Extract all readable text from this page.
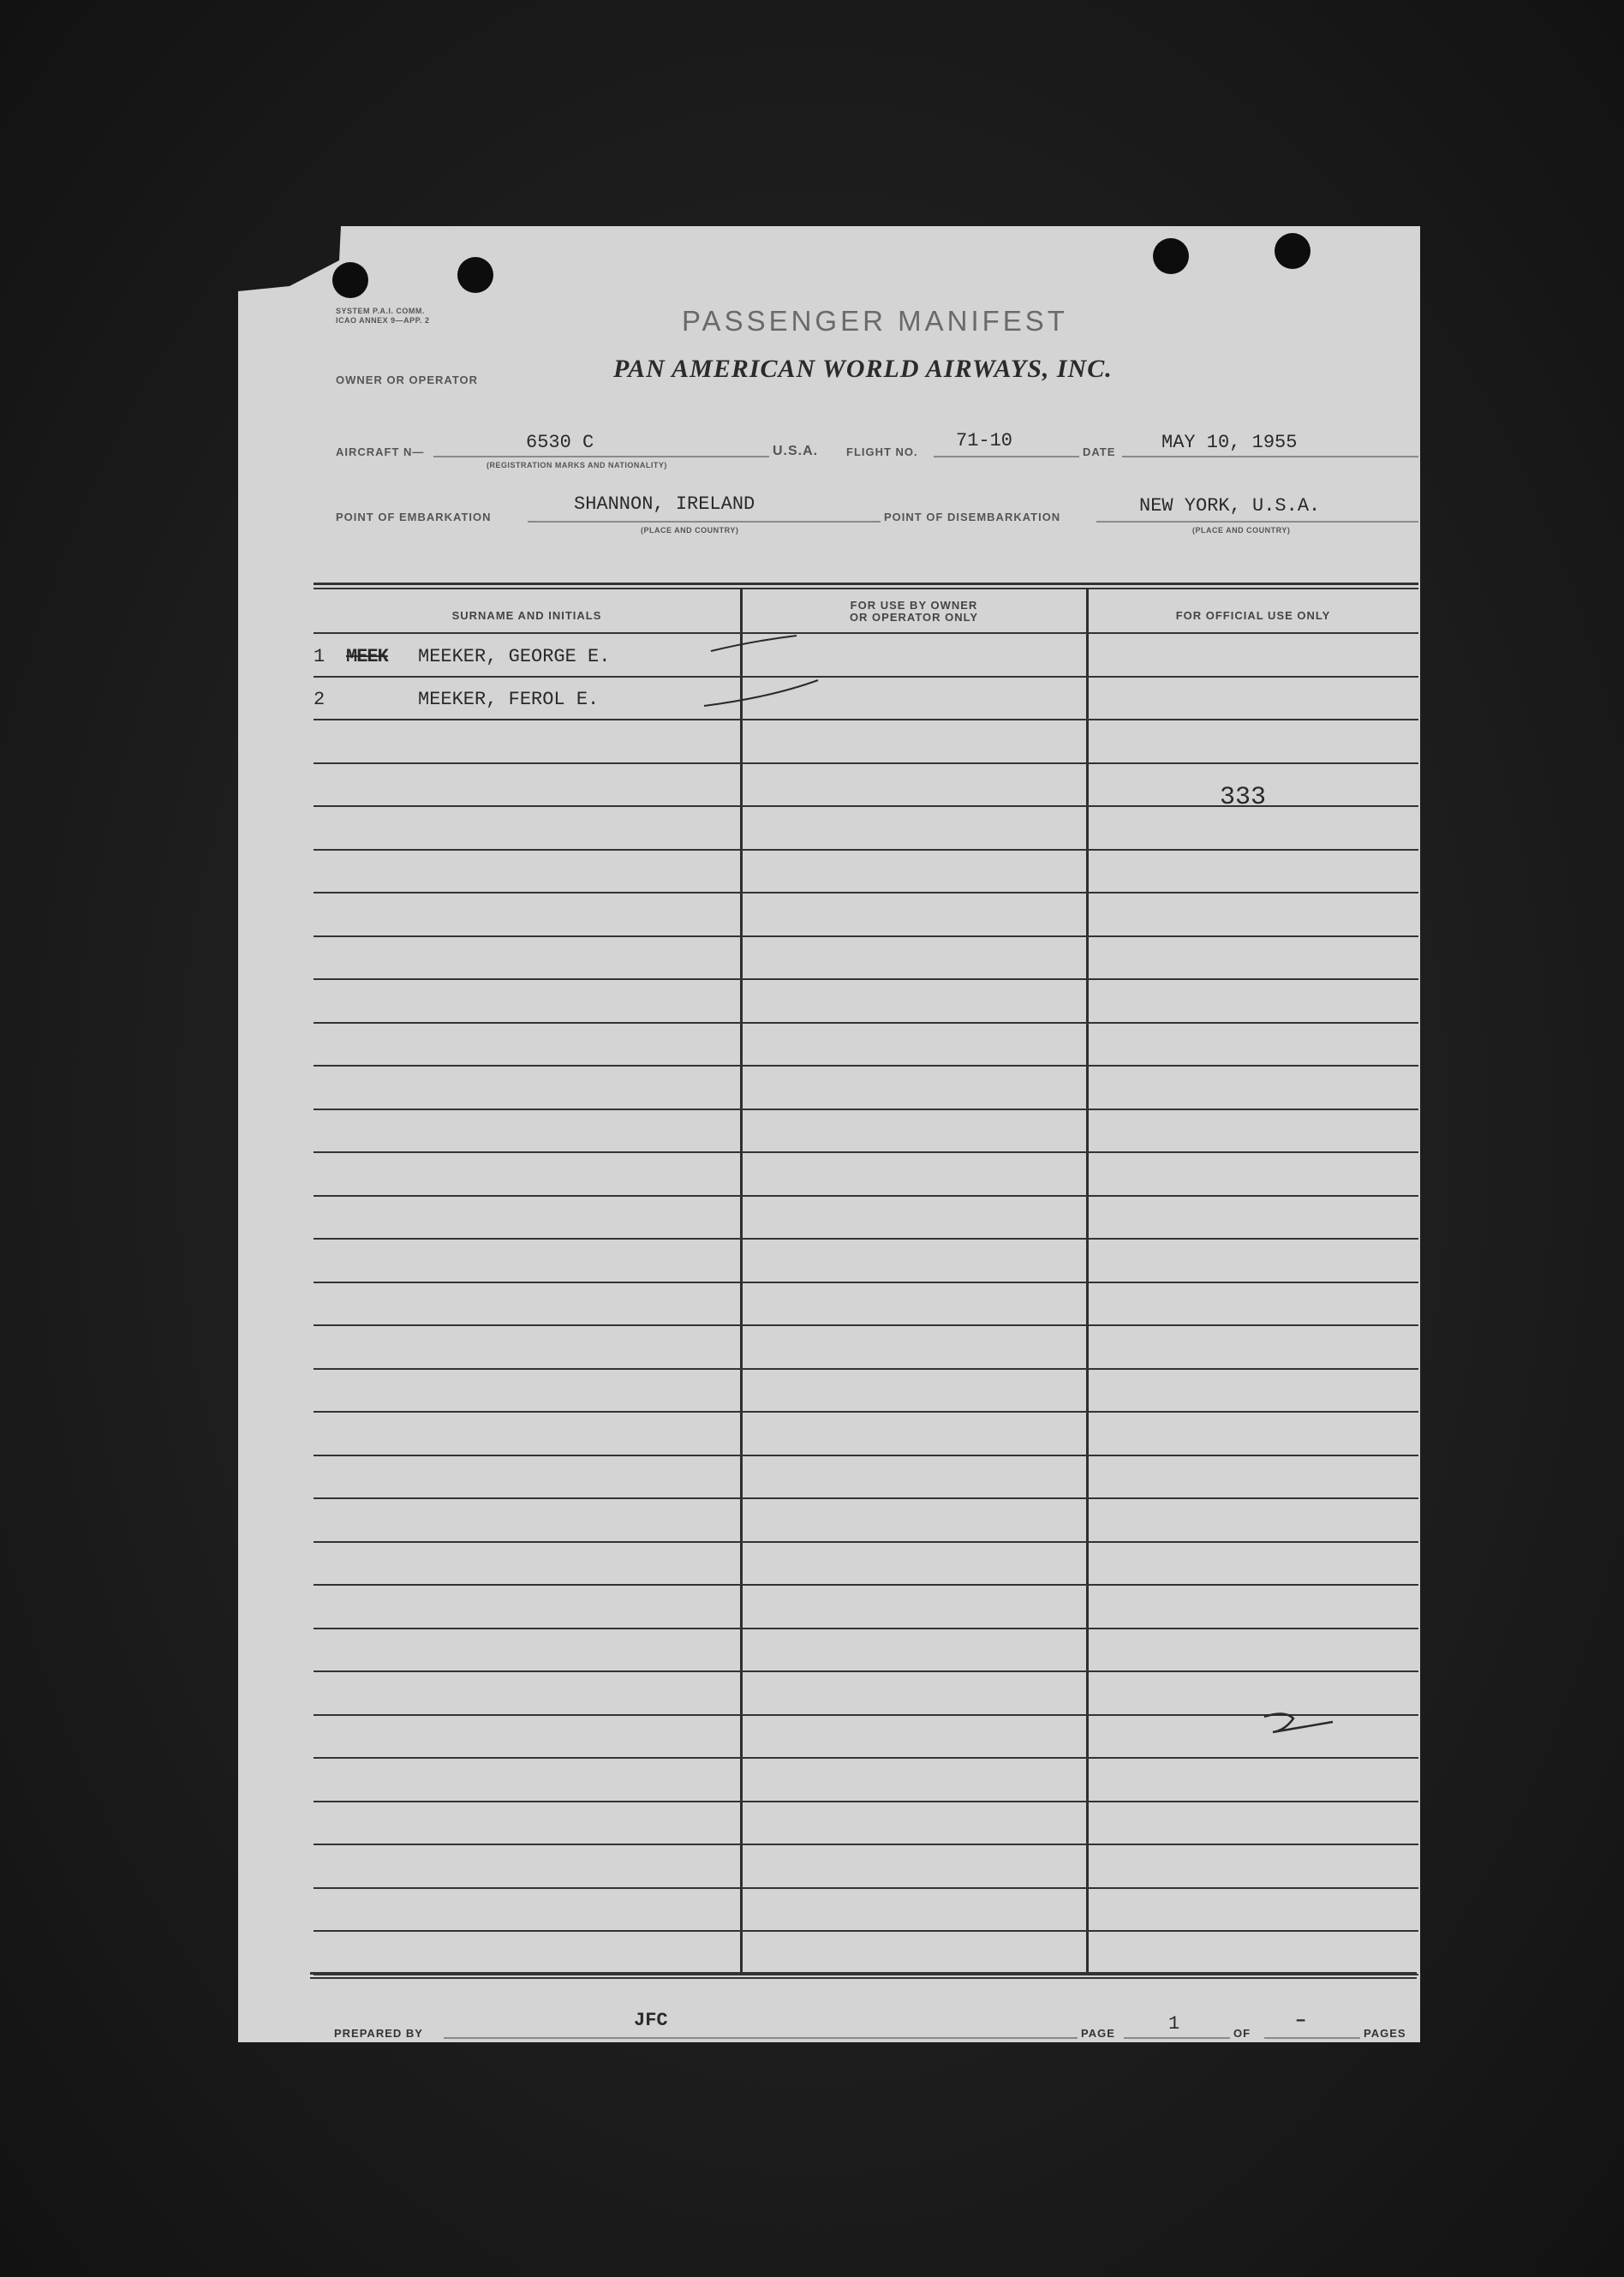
SYSTEM P.A.I. COMM.
ICAO ANNEX 9—APP. 2	PASSENGER MANIFEST
OWNER OR OPERATOR	PAN AMERICAN WORLD AIRWAYS, INC.
AIRCRAFT N—	6530 C
(REGISTRATION MARKS AND NATIONALITY)
U.S.A.	FLIGHT NO.
71-10
DATE MAY 10, 1955
POINT OF EMBARKATION
SHANNON, IRELAND
(PLACE AND COUNTRY)
POINT OF DISEMBARKATION
NEW YORK, U.S.A.
(PLACE AND COUNTRY)
SURNAME AND INITIALS
FOR USE BY OWNER
OR OPERATOR ONLY	FOR OFFICIAL USE ONLY
1 MEEK MEEKER, GEORGE E.
2	MEEKER, FEROL E.
333
PREPARED BY
JFC
PAGE	1	OF
–
PAGES
